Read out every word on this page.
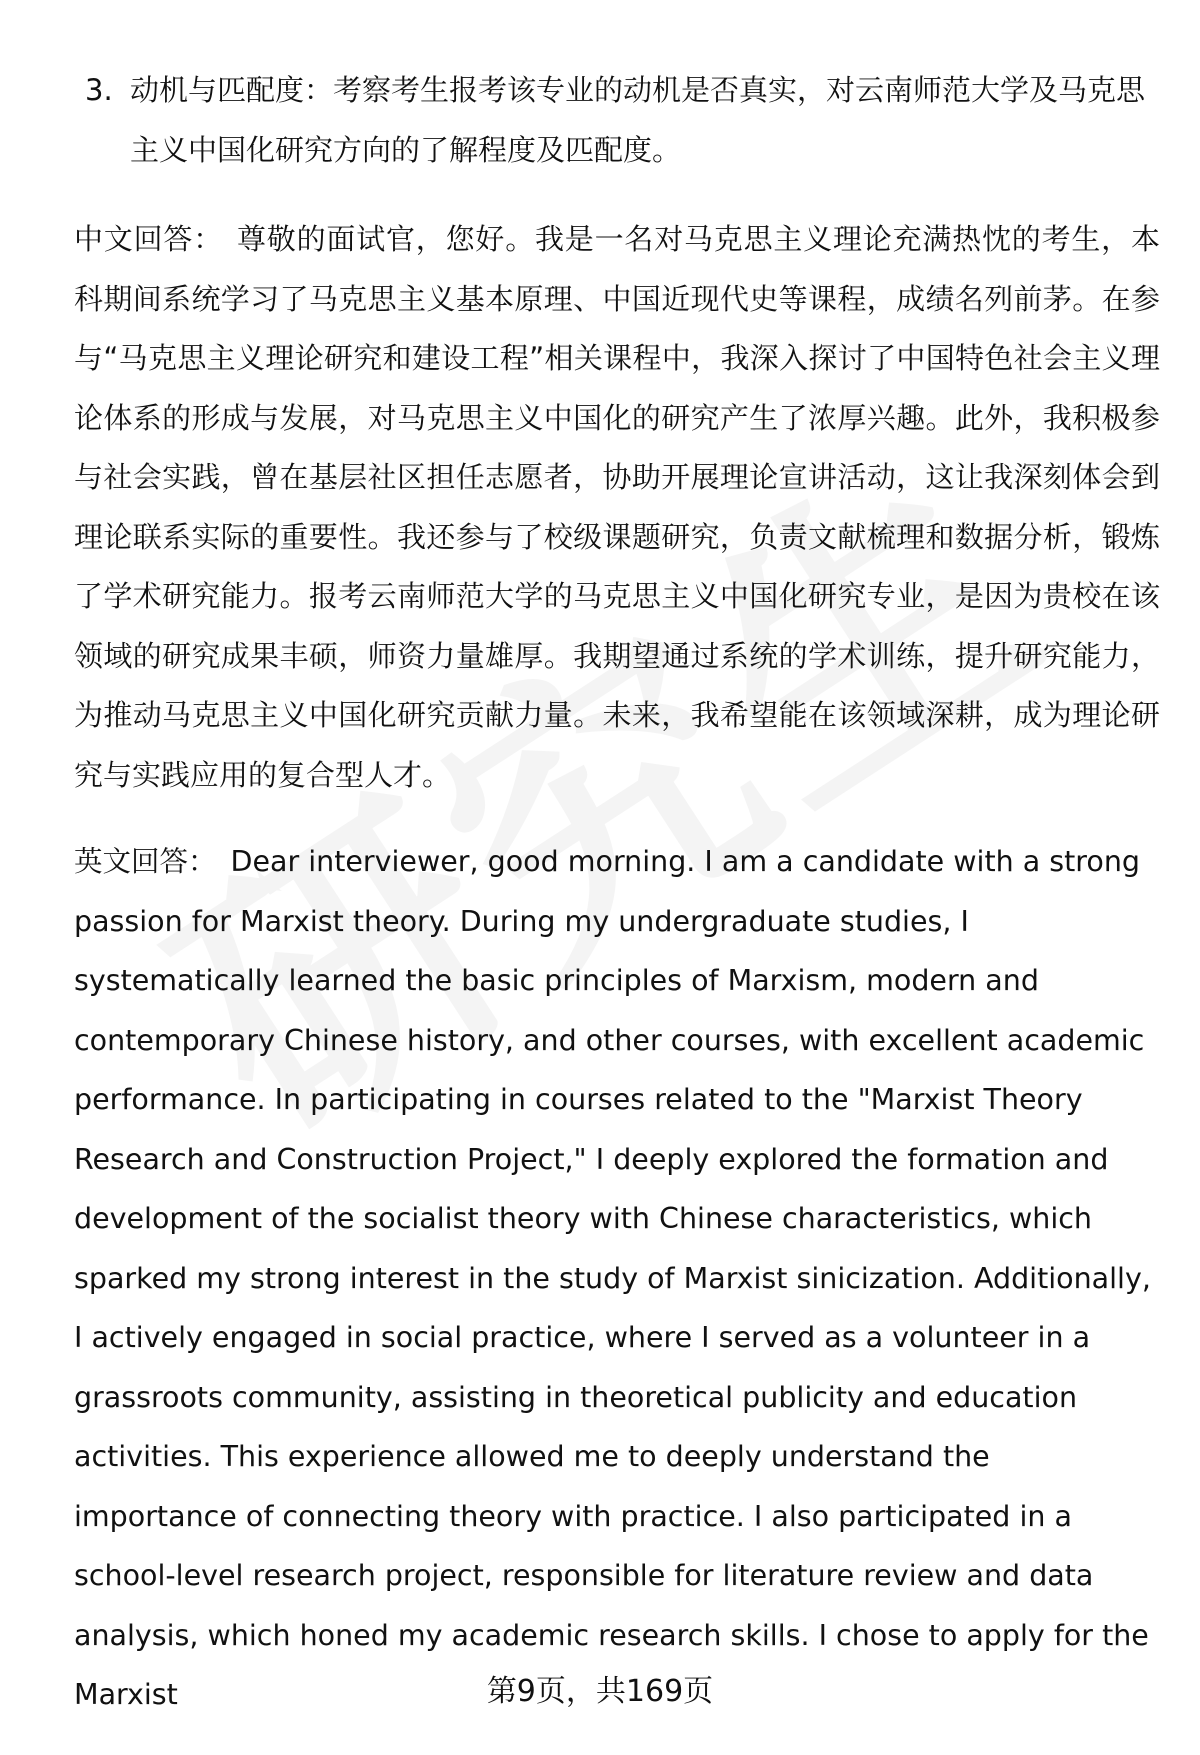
3. 动机与匹配度：考察考生报考该专业的动机是否真实，对云南师范大学及马克思主义中国化研究方向的了解程度及匹配度。
中文回答： 尊敬的面试官，您好。我是一名对马克思主义理论充满热忱的考生，本科期间系统学习了马克思主义基本原理、中国近现代史等课程，成绩名列前茅。在参与“马克思主义理论研究和建设工程”相关课程中，我深入探讨了中国特色社会主义理论体系的形成与发展，对马克思主义中国化的研究产生了浓厚兴趣。此外，我积极参与社会实践，曾在基层社区担任志愿者，协助开展理论宣讲活动，这让我深刻体会到理论联系实际的重要性。我还参与了校级课题研究，负责文献梳理和数据分析，锻炼了学术研究能力。报考云南师范大学的马克思主义中国化研究专业，是因为贵校在该领域的研究成果丰硕，师资力量雄厚。我期望通过系统的学术训练，提升研究能力，为推动马克思主义中国化研究贡献力量。未来，我希望能在该领域深耕，成为理论研究与实践应用的复合型人才。
英文回答： Dear interviewer, good morning. I am a candidate with a strong passion for Marxist theory. During my undergraduate studies, I systematically learned the basic principles of Marxism, modern and contemporary Chinese history, and other courses, with excellent academic performance. In participating in courses related to the "Marxist Theory Research and Construction Project," I deeply explored the formation and development of the socialist theory with Chinese characteristics, which sparked my strong interest in the study of Marxist sinicization. Additionally, I actively engaged in social practice, where I served as a volunteer in a grassroots community, assisting in theoretical publicity and education activities. This experience allowed me to deeply understand the importance of connecting theory with practice. I also participated in a school-level research project, responsible for literature review and data analysis, which honed my academic research skills. I chose to apply for the Marxist	第9页，共169页
